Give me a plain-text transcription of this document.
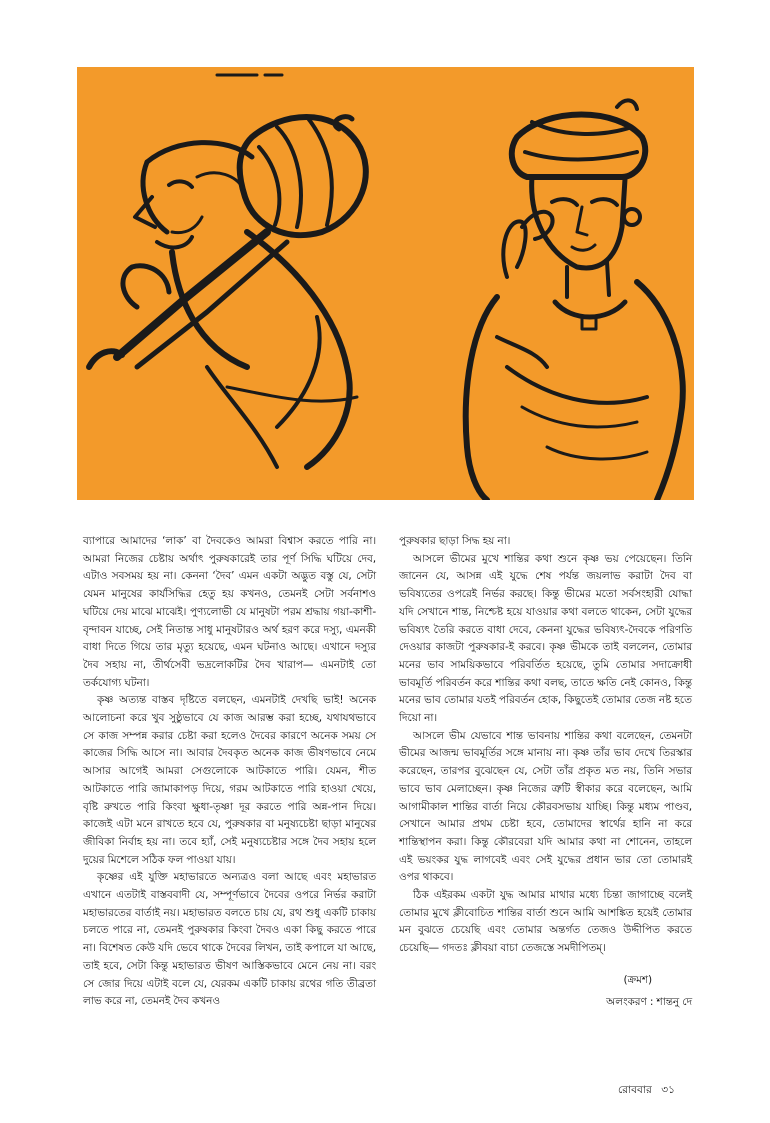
ব্যাপারে আমাদের ‘লাক’ বা দৈবকেও আমরা বিশ্বাস করতে পারি না। আমরা নিজের চেষ্টায় অর্থাৎ পুরুষকারেই তার পূর্ণ সিদ্ধি ঘটিয়ে দেব, এটাও সবসময় হয় না। কেননা ‘দৈব’ এমন একটা অদ্ভুত বস্তু যে, সেটা যেমন মানুষের কার্যসিদ্ধির হেতু হয় কখনও, তেমনই সেটা সর্বনাশও ঘটিয়ে দেয় মাঝে মাঝেই। পুণ্যলোভী যে মানুষটা পরম শ্রদ্ধায় গয়া-কাশী-বৃন্দাবন যাচ্ছে, সেই নিতান্ত সাধু মানুষটারও অর্থ হরণ করে দস্যু, এমনকী বাধা দিতে গিয়ে তার মৃত্যু হয়েছে, এমন ঘটনাও আছে। এখানে দস্যুর দৈব সহায় না, তীর্থসেবী ভদ্রলোকটির দৈব খারাপ— এমনটাই তো তর্কযোগ্য ঘটনা।

কৃষ্ণ অত্যন্ত বাস্তব দৃষ্টিতে বলছেন, এমনটাই দেখছি ভাই! অনেক আলোচনা করে খুব সুষ্ঠুভাবে যে কাজ আরম্ভ করা হচ্ছে, যথাযথভাবে সে কাজ সম্পন্ন করার চেষ্টা করা হলেও দৈবের কারণে অনেক সময় সে কাজের সিদ্ধি আসে না। আবার দৈবকৃত অনেক কাজ ভীষণভাবে নেমে আসার আগেই আমরা সেগুলোকে আটকাতে পারি। যেমন, শীত আটকাতে পারি জামাকাপড় দিয়ে, গরম আটকাতে পারি হাওয়া খেয়ে, বৃষ্টি রুখতে পারি কিংবা ক্ষুধা-তৃষ্ণা দূর করতে পারি অন্ন-পান দিয়ে। কাজেই এটা মনে রাখতে হবে যে, পুরুষকার বা মনুষ্যচেষ্টা ছাড়া মানুষের জীবিকা নির্বাহ হয় না। তবে হ্যাঁ, সেই মনুষ্যচেষ্টার সঙ্গে দৈব সহায় হলে দুয়ের মিশেলে সঠিক ফল পাওয়া যায়।

কৃষ্ণের এই যুক্তি মহাভারতে অন্যত্রও বলা আছে এবং মহাভারত এখানে এতটাই বাস্তববাদী যে, সম্পূর্ণভাবে দৈবের ওপরে নির্ভর করাটা মহাভারতের বার্তাই নয়। মহাভারত বলতে চায় যে, রথ শুধু একটি চাকায় চলতে পারে না, তেমনই পুরুষকার কিংবা দৈবও একা কিছু করতে পারে না। বিশেষত কেউ যদি ভেবে থাকে দৈবের লিখন, তাই কপালে যা আছে, তাই হবে, সেটা কিন্তু মহাভারত ভীষণ আস্তিকভাবে মেনে নেয় না। বরং সে জোর দিয়ে এটাই বলে যে, যেরকম একটি চাকায় রথের গতি তীব্রতা লাভ করে না, তেমনই দৈব কখনও

পুরুষকার ছাড়া সিদ্ধ হয় না।

আসলে ভীমের মুখে শান্তির কথা শুনে কৃষ্ণ ভয় পেয়েছেন। তিনি জানেন যে, আসন্ন এই যুদ্ধে শেষ পর্যন্ত জয়লাভ করাটা দৈব বা ভবিষ্যতের ওপরেই নির্ভর করছে। কিন্তু ভীমের মতো সর্বসংহারী যোদ্ধা যদি সেখানে শান্ত, নিশ্চেষ্ট হয়ে যাওয়ার কথা বলতে থাকেন, সেটা যুদ্ধের ভবিষ্যৎ তৈরি করতে বাধা দেবে, কেননা যুদ্ধের ভবিষ্যৎ-দৈবকে পরিণতি দেওয়ার কাজটা পুরুষকার-ই করবে। কৃষ্ণ ভীমকে তাই বললেন, তোমার মনের ভাব সাময়িকভাবে পরিবর্তিত হয়েছে, তুমি তোমার সদাক্রোধী ভাবমূর্তি পরিবর্তন করে শান্তির কথা বলছ, তাতে ক্ষতি নেই কোনও, কিন্তু মনের ভাব তোমার যতই পরিবর্তন হোক, কিছুতেই তোমার তেজ নষ্ট হতে দিয়ো না।

আসলে ভীম যেভাবে শান্ত ভাবনায় শান্তির কথা বলেছেন, তেমনটা ভীমের আজন্ম ভাবমূর্তির সঙ্গে মানায় না। কৃষ্ণ তাঁর ভাব দেখে তিরস্কার করেছেন, তারপর বুঝেছেন যে, সেটা তাঁর প্রকৃত মত নয়, তিনি সভার ভাবে ভাব মেলাচ্ছেন। কৃষ্ণ নিজের ত্রুটি স্বীকার করে বলেছেন, আমি আগামীকাল শান্তির বার্তা নিয়ে কৌরবসভায় যাচ্ছি। কিন্তু মধ্যম পাণ্ডব, সেখানে আমার প্রথম চেষ্টা হবে, তোমাদের স্বার্থের হানি না করে শান্তিস্থাপন করা। কিন্তু কৌরবেরা যদি আমার কথা না শোনেন, তাহলে এই ভয়ংকর যুদ্ধ লাগবেই এবং সেই যুদ্ধের প্রধান ভার তো তোমারই ওপর থাকবে।

ঠিক এইরকম একটা যুদ্ধ আমার মাথার মধ্যে চিন্তা জাগাচ্ছে বলেই তোমার মুখে ক্লীবোচিত শান্তির বার্তা শুনে আমি আশঙ্কিত হয়েই তোমার মন বুঝতে চেয়েছি এবং তোমার অন্তর্গত তেজও উদ্দীপিত করতে চেয়েছি— গদতঃ ক্লীবয়া বাচা তেজস্তে সমদীপিতম্।

(ক্রমশ)
অলংকরণ : শান্তনু দে
রোববার ৩১
